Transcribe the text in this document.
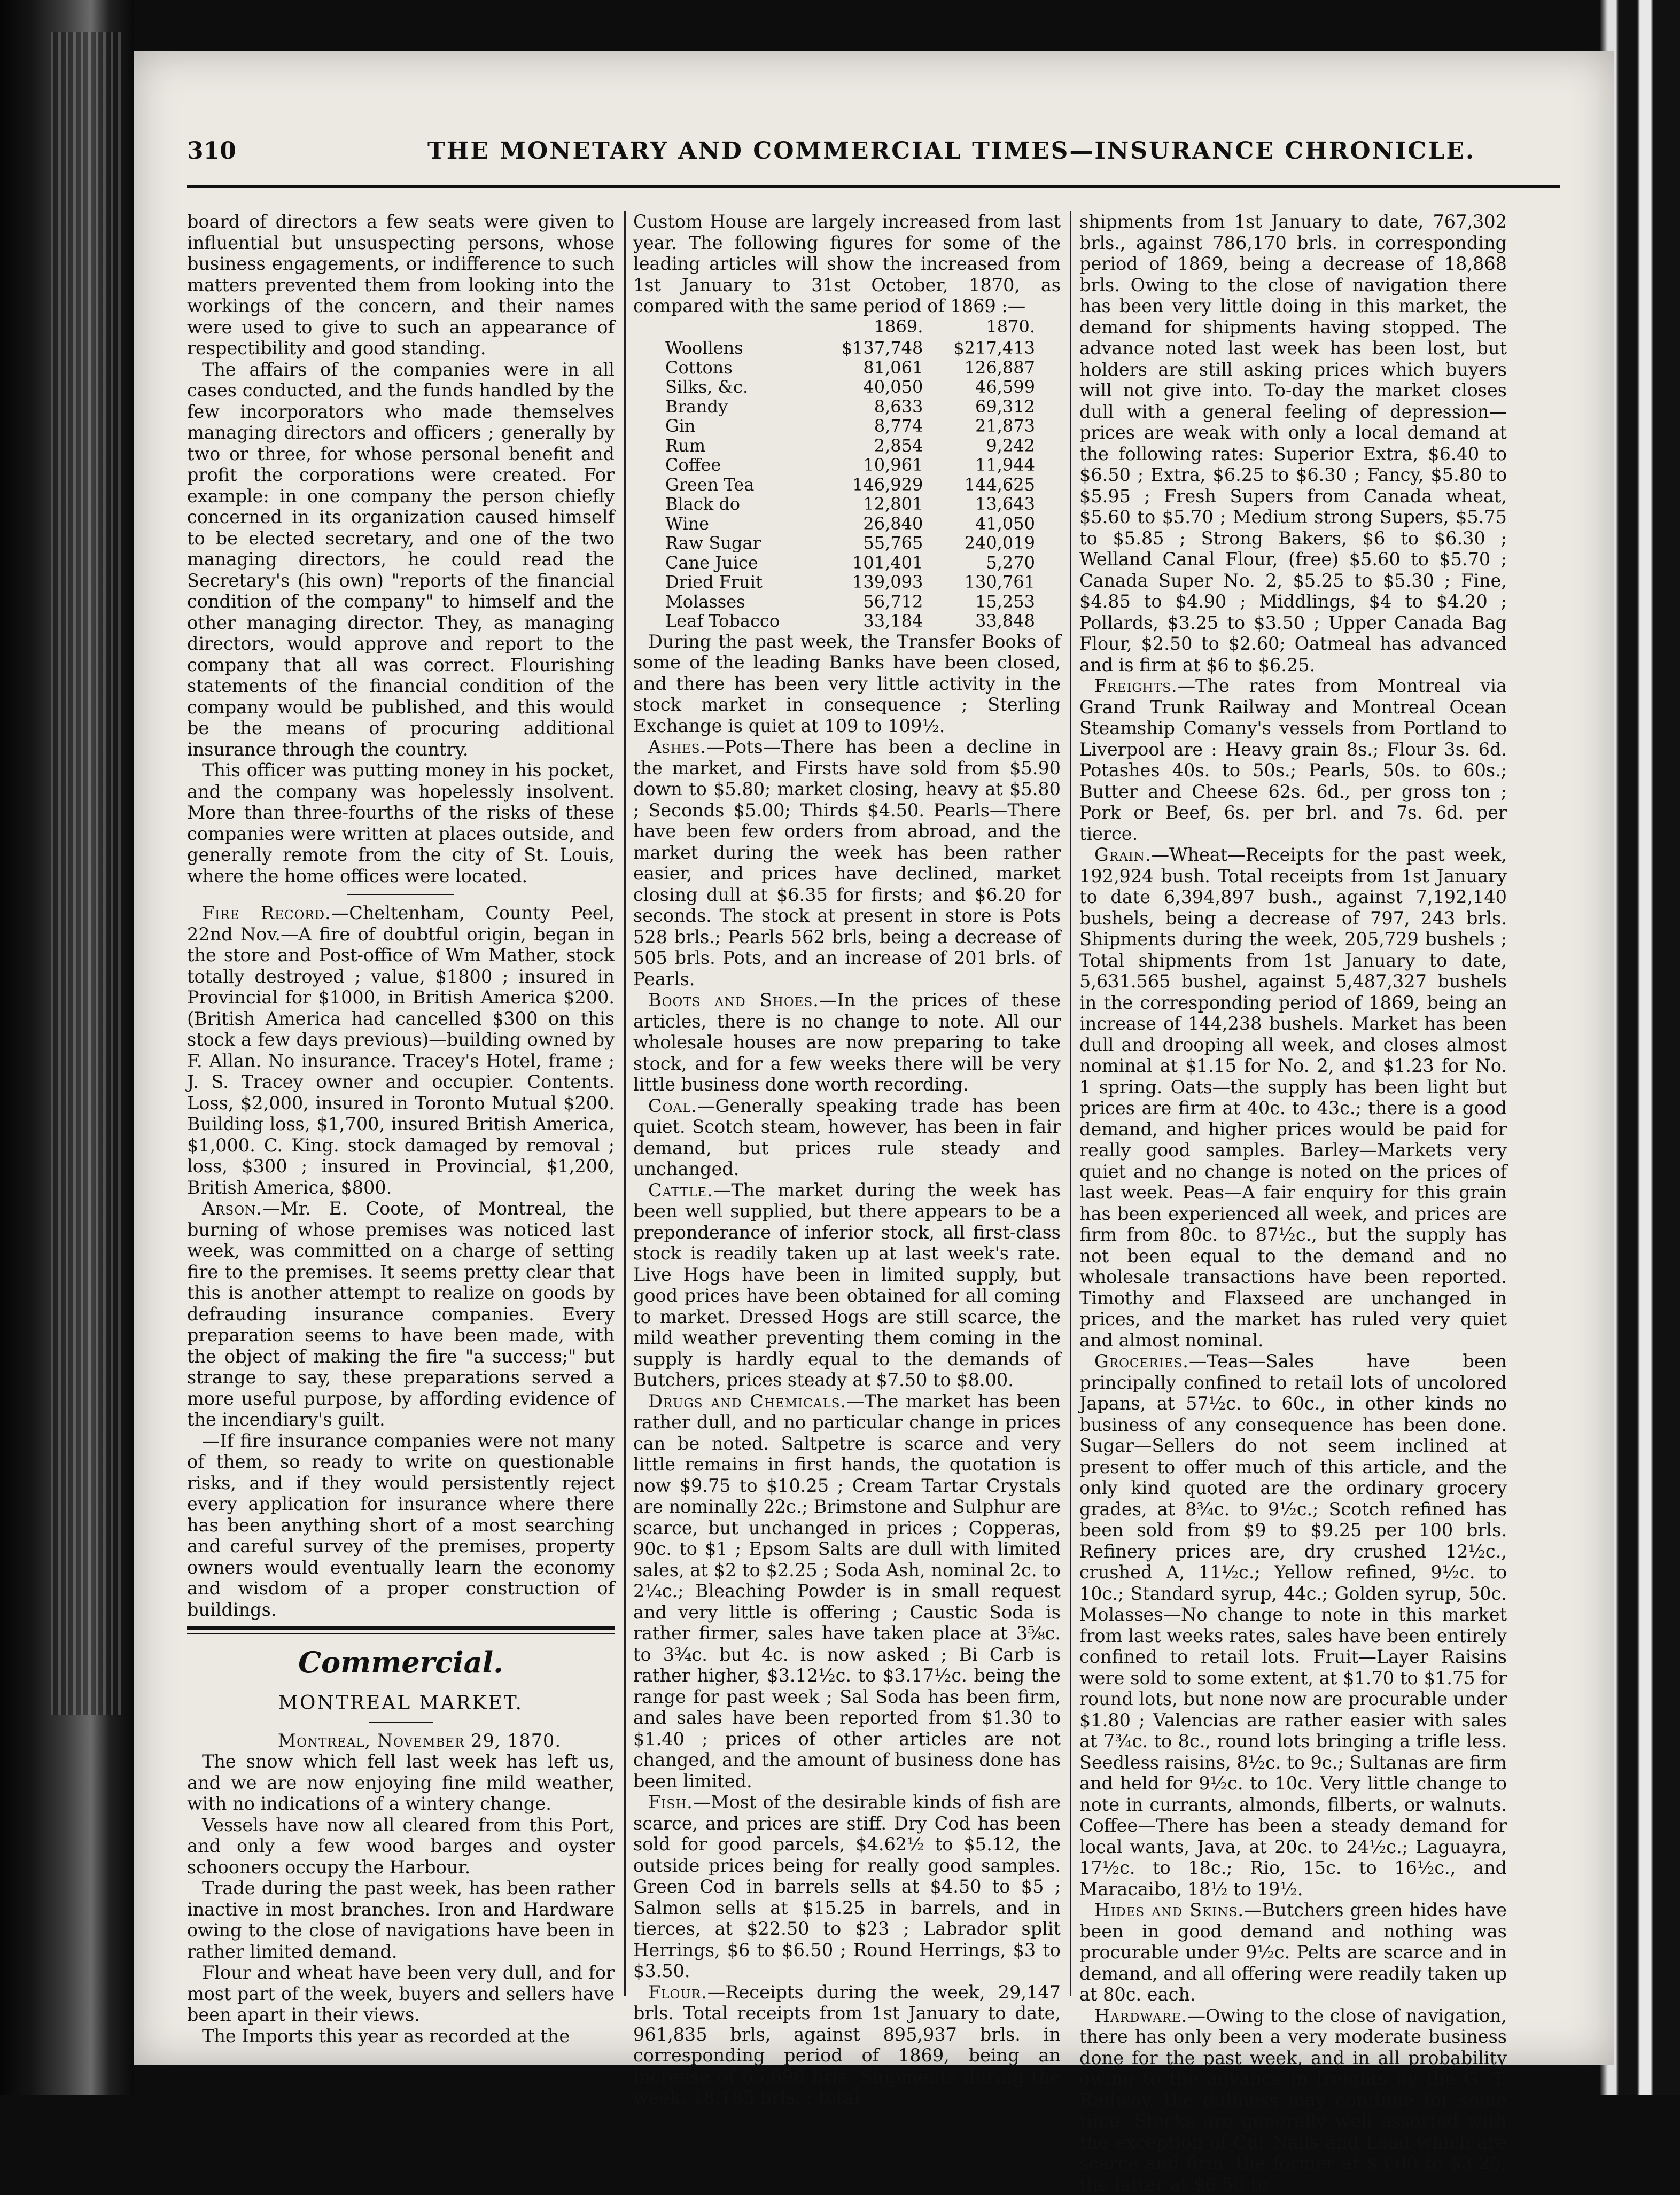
310	THE MONETARY AND COMMERCIAL TIMES—INSURANCE CHRONICLE.

board of directors a few seats were given to influential but unsuspecting persons, whose business engagements, or indifference to such matters prevented them from looking into the workings of the concern, and their names were used to give to such an appearance of respectibility and good standing.

The affairs of the companies were in all cases conducted, and the funds handled by the few incorporators who made themselves managing directors and officers ; generally by two or three, for whose personal benefit and profit the corporations were created. For example: in one company the person chiefly concerned in its organization caused himself to be elected secretary, and one of the two managing directors, he could read the Secretary's (his own) "reports of the financial condition of the company" to himself and the other managing director. They, as managing directors, would approve and report to the company that all was correct. Flourishing statements of the financial condition of the company would be published, and this would be the means of procuring additional insurance through the country.

This officer was putting money in his pocket, and the company was hopelessly insolvent. More than three-fourths of the risks of these companies were written at places outside, and generally remote from the city of St. Louis, where the home offices were located.

Fire Record.—Cheltenham, County Peel, 22nd Nov.—A fire of doubtful origin, began in the store and Post-office of Wm Mather, stock totally destroyed ; value, $1800 ; insured in Provincial for $1000, in British America $200. (British America had cancelled $300 on this stock a few days previous)—building owned by F. Allan. No insurance. Tracey's Hotel, frame ; J. S. Tracey owner and occupier. Contents. Loss, $2,000, insured in Toronto Mutual $200. Building loss, $1,700, insured British America, $1,000. C. King. stock damaged by removal ; loss, $300 ; insured in Provincial, $1,200, British America, $800.

Arson.—Mr. E. Coote, of Montreal, the burning of whose premises was noticed last week, was committed on a charge of setting fire to the premises. It seems pretty clear that this is another attempt to realize on goods by defrauding insurance companies. Every preparation seems to have been made, with the object of making the fire "a success;" but strange to say, these preparations served a more useful purpose, by affording evidence of the incendiary's guilt.

—If fire insurance companies were not many of them, so ready to write on questionable risks, and if they would persistently reject every application for insurance where there has been anything short of a most searching and careful survey of the premises, property owners would eventually learn the economy and wisdom of a proper construction of buildings.

Commercial.
MONTREAL MARKET.

Montreal, November 29, 1870.

The snow which fell last week has left us, and we are now enjoying fine mild weather, with no indications of a wintery change.

Vessels have now all cleared from this Port, and only a few wood barges and oyster schooners occupy the Harbour.

Trade during the past week, has been rather inactive in most branches. Iron and Hardware owing to the close of navigations have been in rather limited demand.

Flour and wheat have been very dull, and for most part of the week, buyers and sellers have been apart in their views.

The Imports this year as recorded at the

Custom House are largely increased from last year. The following figures for some of the leading articles will show the increased from 1st January to 31st October, 1870, as compared with the same period of 1869 :—

	1869.	1870.
Woollens	$137,748	$217,413
Cottons	81,061	126,887
Silks, &c.	40,050	46,599
Brandy	8,633	69,312
Gin	8,774	21,873
Rum	2,854	9,242
Coffee	10,961	11,944
Green Tea	146,929	144,625
Black do	12,801	13,643
Wine	26,840	41,050
Raw Sugar	55,765	240,019
Cane Juice	101,401	5,270
Dried Fruit	139,093	130,761
Molasses	56,712	15,253
Leaf Tobacco	33,184	33,848

During the past week, the Transfer Books of some of the leading Banks have been closed, and there has been very little activity in the stock market in consequence ; Sterling Exchange is quiet at 109 to 109½.

Ashes.—Pots—There has been a decline in the market, and Firsts have sold from $5.90 down to $5.80; market closing, heavy at $5.80 ; Seconds $5.00; Thirds $4.50. Pearls—There have been few orders from abroad, and the market during the week has been rather easier, and prices have declined, market closing dull at $6.35 for firsts; and $6.20 for seconds. The stock at present in store is Pots 528 brls.; Pearls 562 brls, being a decrease of 505 brls. Pots, and an increase of 201 brls. of Pearls.

Boots and Shoes.—In the prices of these articles, there is no change to note. All our wholesale houses are now preparing to take stock, and for a few weeks there will be very little business done worth recording.

Coal.—Generally speaking trade has been quiet. Scotch steam, however, has been in fair demand, but prices rule steady and unchanged.

Cattle.—The market during the week has been well supplied, but there appears to be a preponderance of inferior stock, all first-class stock is readily taken up at last week's rate. Live Hogs have been in limited supply, but good prices have been obtained for all coming to market. Dressed Hogs are still scarce, the mild weather preventing them coming in the supply is hardly equal to the demands of Butchers, prices steady at $7.50 to $8.00.

Drugs and Chemicals.—The market has been rather dull, and no particular change in prices can be noted. Saltpetre is scarce and very little remains in first hands, the quotation is now $9.75 to $10.25 ; Cream Tartar Crystals are nominally 22c.; Brimstone and Sulphur are scarce, but unchanged in prices ; Copperas, 90c. to $1 ; Epsom Salts are dull with limited sales, at $2 to $2.25 ; Soda Ash, nominal 2c. to 2¼c.; Bleaching Powder is in small request and very little is offering ; Caustic Soda is rather firmer, sales have taken place at 3⅝c. to 3¾c. but 4c. is now asked ; Bi Carb is rather higher, $3.12½c. to $3.17½c. being the range for past week ; Sal Soda has been firm, and sales have been reported from $1.30 to $1.40 ; prices of other articles are not changed, and the amount of business done has been limited.

Fish.—Most of the desirable kinds of fish are scarce, and prices are stiff. Dry Cod has been sold for good parcels, $4.62½ to $5.12, the outside prices being for really good samples. Green Cod in barrels sells at $4.50 to $5 ; Salmon sells at $15.25 in barrels, and in tierces, at $22.50 to $23 ; Labrador split Herrings, $6 to $6.50 ; Round Herrings, $3 to $3.50.

Flour.—Receipts during the week, 29,147 brls. Total receipts from 1st January to date, 961,835 brls, against 895,937 brls. in corresponding period of 1869, being an increase of 65,898 brls. Shipments during the week, 18,185 brls. ; total

shipments from 1st January to date, 767,302 brls., against 786,170 brls. in corresponding period of 1869, being a decrease of 18,868 brls. Owing to the close of navigation there has been very little doing in this market, the demand for shipments having stopped. The advance noted last week has been lost, but holders are still asking prices which buyers will not give into. To-day the market closes dull with a general feeling of depression—prices are weak with only a local demand at the following rates: Superior Extra, $6.40 to $6.50 ; Extra, $6.25 to $6.30 ; Fancy, $5.80 to $5.95 ; Fresh Supers from Canada wheat, $5.60 to $5.70 ; Medium strong Supers, $5.75 to $5.85 ; Strong Bakers, $6 to $6.30 ; Welland Canal Flour, (free) $5.60 to $5.70 ; Canada Super No. 2, $5.25 to $5.30 ; Fine, $4.85 to $4.90 ; Middlings, $4 to $4.20 ; Pollards, $3.25 to $3.50 ; Upper Canada Bag Flour, $2.50 to $2.60; Oatmeal has advanced and is firm at $6 to $6.25.

Freights.—The rates from Montreal via Grand Trunk Railway and Montreal Ocean Steamship Comany's vessels from Portland to Liverpool are : Heavy grain 8s.; Flour 3s. 6d. Potashes 40s. to 50s.; Pearls, 50s. to 60s.; Butter and Cheese 62s. 6d., per gross ton ; Pork or Beef, 6s. per brl. and 7s. 6d. per tierce.

Grain.—Wheat—Receipts for the past week, 192,924 bush. Total receipts from 1st January to date 6,394,897 bush., against 7,192,140 bushels, being a decrease of 797, 243 brls. Shipments during the week, 205,729 bushels ; Total shipments from 1st January to date, 5,631.565 bushel, against 5,487,327 bushels in the corresponding period of 1869, being an increase of 144,238 bushels. Market has been dull and drooping all week, and closes almost nominal at $1.15 for No. 2, and $1.23 for No. 1 spring. Oats—the supply has been light but prices are firm at 40c. to 43c.; there is a good demand, and higher prices would be paid for really good samples. Barley—Markets very quiet and no change is noted on the prices of last week. Peas—A fair enquiry for this grain has been experienced all week, and prices are firm from 80c. to 87½c., but the supply has not been equal to the demand and no wholesale transactions have been reported. Timothy and Flaxseed are unchanged in prices, and the market has ruled very quiet and almost nominal.

Groceries.—Teas—Sales have been principally confined to retail lots of uncolored Japans, at 57½c. to 60c., in other kinds no business of any consequence has been done. Sugar—Sellers do not seem inclined at present to offer much of this article, and the only kind quoted are the ordinary grocery grades, at 8¾c. to 9½c.; Scotch refined has been sold from $9 to $9.25 per 100 brls. Refinery prices are, dry crushed 12½c., crushed A, 11½c.; Yellow refined, 9½c. to 10c.; Standard syrup, 44c.; Golden syrup, 50c. Molasses—No change to note in this market from last weeks rates, sales have been entirely confined to retail lots. Fruit—Layer Raisins were sold to some extent, at $1.70 to $1.75 for round lots, but none now are procurable under $1.80 ; Valencias are rather easier with sales at 7¾c. to 8c., round lots bringing a trifle less. Seedless raisins, 8½c. to 9c.; Sultanas are firm and held for 9½c. to 10c. Very little change to note in currants, almonds, filberts, or walnuts. Coffee—There has been a steady demand for local wants, Java, at 20c. to 24½c.; Laguayra, 17½c. to 18c.; Rio, 15c. to 16½c., and Maracaibo, 18½ to 19½.

Hides and Skins.—Butchers green hides have been in good demand and nothing was procurable under 9½c. Pelts are scarce and in demand, and all offering were readily taken up at 80c. each.

Hardware.—Owing to the close of navigation, there has only been a very moderate business done for the past week, and in all probability owing to the advance in freights by the G. T. Railway, the dullness may continue for some time. Stocks are generally well assorted with the exception of Cut Nails and Lead which are scarce and firm, the former at $3.00 to $3.25, the latter at $6.50 to
